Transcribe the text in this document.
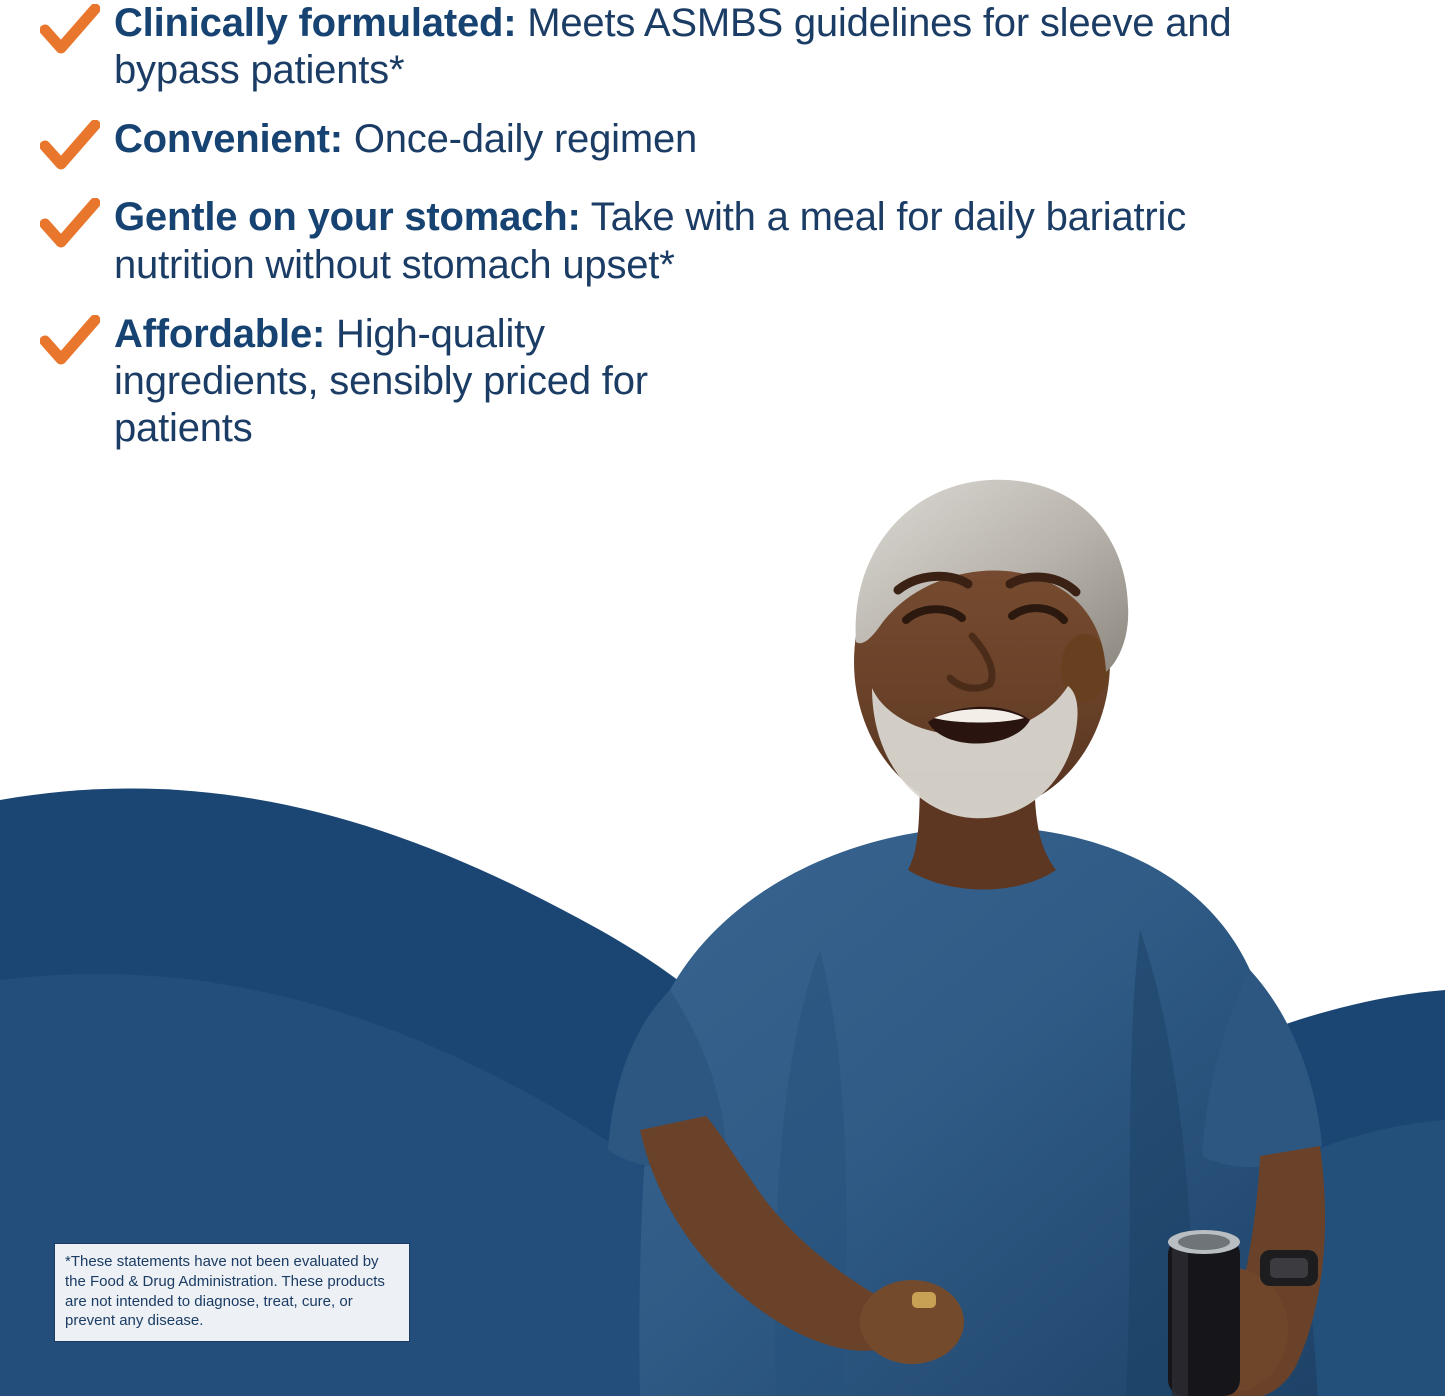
Clinically formulated: Meets ASMBS guidelines for sleeve and bypass patients*
Convenient: Once-daily regimen
Gentle on your stomach: Take with a meal for daily bariatric nutrition without stomach upset*
Affordable: High-quality ingredients, sensibly priced for patients

*These statements have not been evaluated by the Food & Drug Administration. These products are not intended to diagnose, treat, cure, or prevent any disease.
